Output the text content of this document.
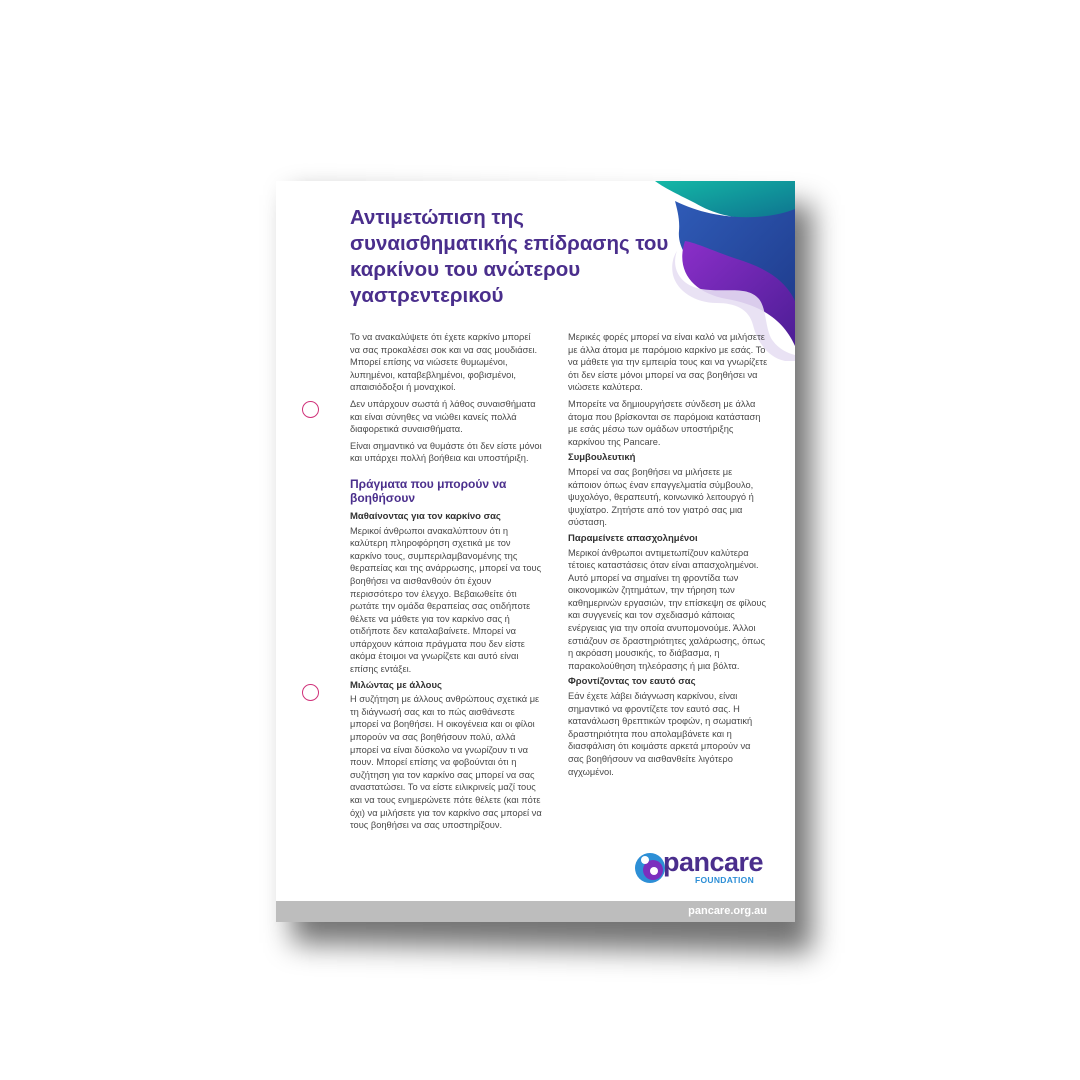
Αντιμετώπιση της συναισθηματικής επίδρασης του καρκίνου του ανώτερου γαστρεντερικού

Το να ανακαλύψετε ότι έχετε καρκίνο μπορεί να σας προκαλέσει σοκ και να σας μουδιάσει. Μπορεί επίσης να νιώσετε θυμωμένοι, λυπημένοι, καταβεβλημένοι, φοβισμένοι, απαισιόδοξοι ή μοναχικοί.

Δεν υπάρχουν σωστά ή λάθος συναισθήματα και είναι σύνηθες να νιώθει κανείς πολλά διαφορετικά συναισθήματα.

Είναι σημαντικό να θυμάστε ότι δεν είστε μόνοι και υπάρχει πολλή βοήθεια και υποστήριξη.

Πράγματα που μπορούν να βοηθήσουν
Μαθαίνοντας για τον καρκίνο σας

Μερικοί άνθρωποι ανακαλύπτουν ότι η καλύτερη πληροφόρηση σχετικά με τον καρκίνο τους, συμπεριλαμβανομένης της θεραπείας και της ανάρρωσης, μπορεί να τους βοηθήσει να αισθανθούν ότι έχουν περισσότερο τον έλεγχο. Βεβαιωθείτε ότι ρωτάτε την ομάδα θεραπείας σας οτιδήποτε θέλετε να μάθετε για τον καρκίνο σας ή οτιδήποτε δεν καταλαβαίνετε. Μπορεί να υπάρχουν κάποια πράγματα που δεν είστε ακόμα έτοιμοι να γνωρίζετε και αυτό είναι επίσης εντάξει.

Μιλώντας με άλλους

Η συζήτηση με άλλους ανθρώπους σχετικά με τη διάγνωσή σας και το πώς αισθάνεστε μπορεί να βοηθήσει. Η οικογένεια και οι φίλοι μπορούν να σας βοηθήσουν πολύ, αλλά μπορεί να είναι δύσκολο να γνωρίζουν τι να πουν. Μπορεί επίσης να φοβούνται ότι η συζήτηση για τον καρκίνο σας μπορεί να σας αναστατώσει. Το να είστε ειλικρινείς μαζί τους και να τους ενημερώνετε πότε θέλετε (και πότε όχι) να μιλήσετε για τον καρκίνο σας μπορεί να τους βοηθήσει να σας υποστηρίξουν.

Μερικές φορές μπορεί να είναι καλό να μιλήσετε με άλλα άτομα με παρόμοιο καρκίνο με εσάς. Το να μάθετε για την εμπειρία τους και να γνωρίζετε ότι δεν είστε μόνοι μπορεί να σας βοηθήσει να νιώσετε καλύτερα.

Μπορείτε να δημιουργήσετε σύνδεση με άλλα άτομα που βρίσκονται σε παρόμοια κατάσταση με εσάς μέσω των ομάδων υποστήριξης καρκίνου της Pancare.

Συμβουλευτική

Μπορεί να σας βοηθήσει να μιλήσετε με κάποιον όπως έναν επαγγελματία σύμβουλο, ψυχολόγο, θεραπευτή, κοινωνικό λειτουργό ή ψυχίατρο. Ζητήστε από τον γιατρό σας μια σύσταση.

Παραμείνετε απασχολημένοι

Μερικοί άνθρωποι αντιμετωπίζουν καλύτερα τέτοιες καταστάσεις όταν είναι απασχολημένοι. Αυτό μπορεί να σημαίνει τη φροντίδα των οικονομικών ζητημάτων, την τήρηση των καθημερινών εργασιών, την επίσκεψη σε φίλους και συγγενείς και τον σχεδιασμό κάποιας ενέργειας για την οποία ανυπομονούμε. Άλλοι εστιάζουν σε δραστηριότητες χαλάρωσης, όπως η ακρόαση μουσικής, το διάβασμα, η παρακολούθηση τηλεόρασης ή μια βόλτα.

Φροντίζοντας τον εαυτό σας

Εάν έχετε λάβει διάγνωση καρκίνου, είναι σημαντικό να φροντίζετε τον εαυτό σας. Η κατανάλωση θρεπτικών τροφών, η σωματική δραστηριότητα που απολαμβάνετε και η διασφάλιση ότι κοιμάστε αρκετά μπορούν να σας βοηθήσουν να αισθανθείτε λιγότερο αγχωμένοι.

pancare
FOUNDATION
pancare.org.au
